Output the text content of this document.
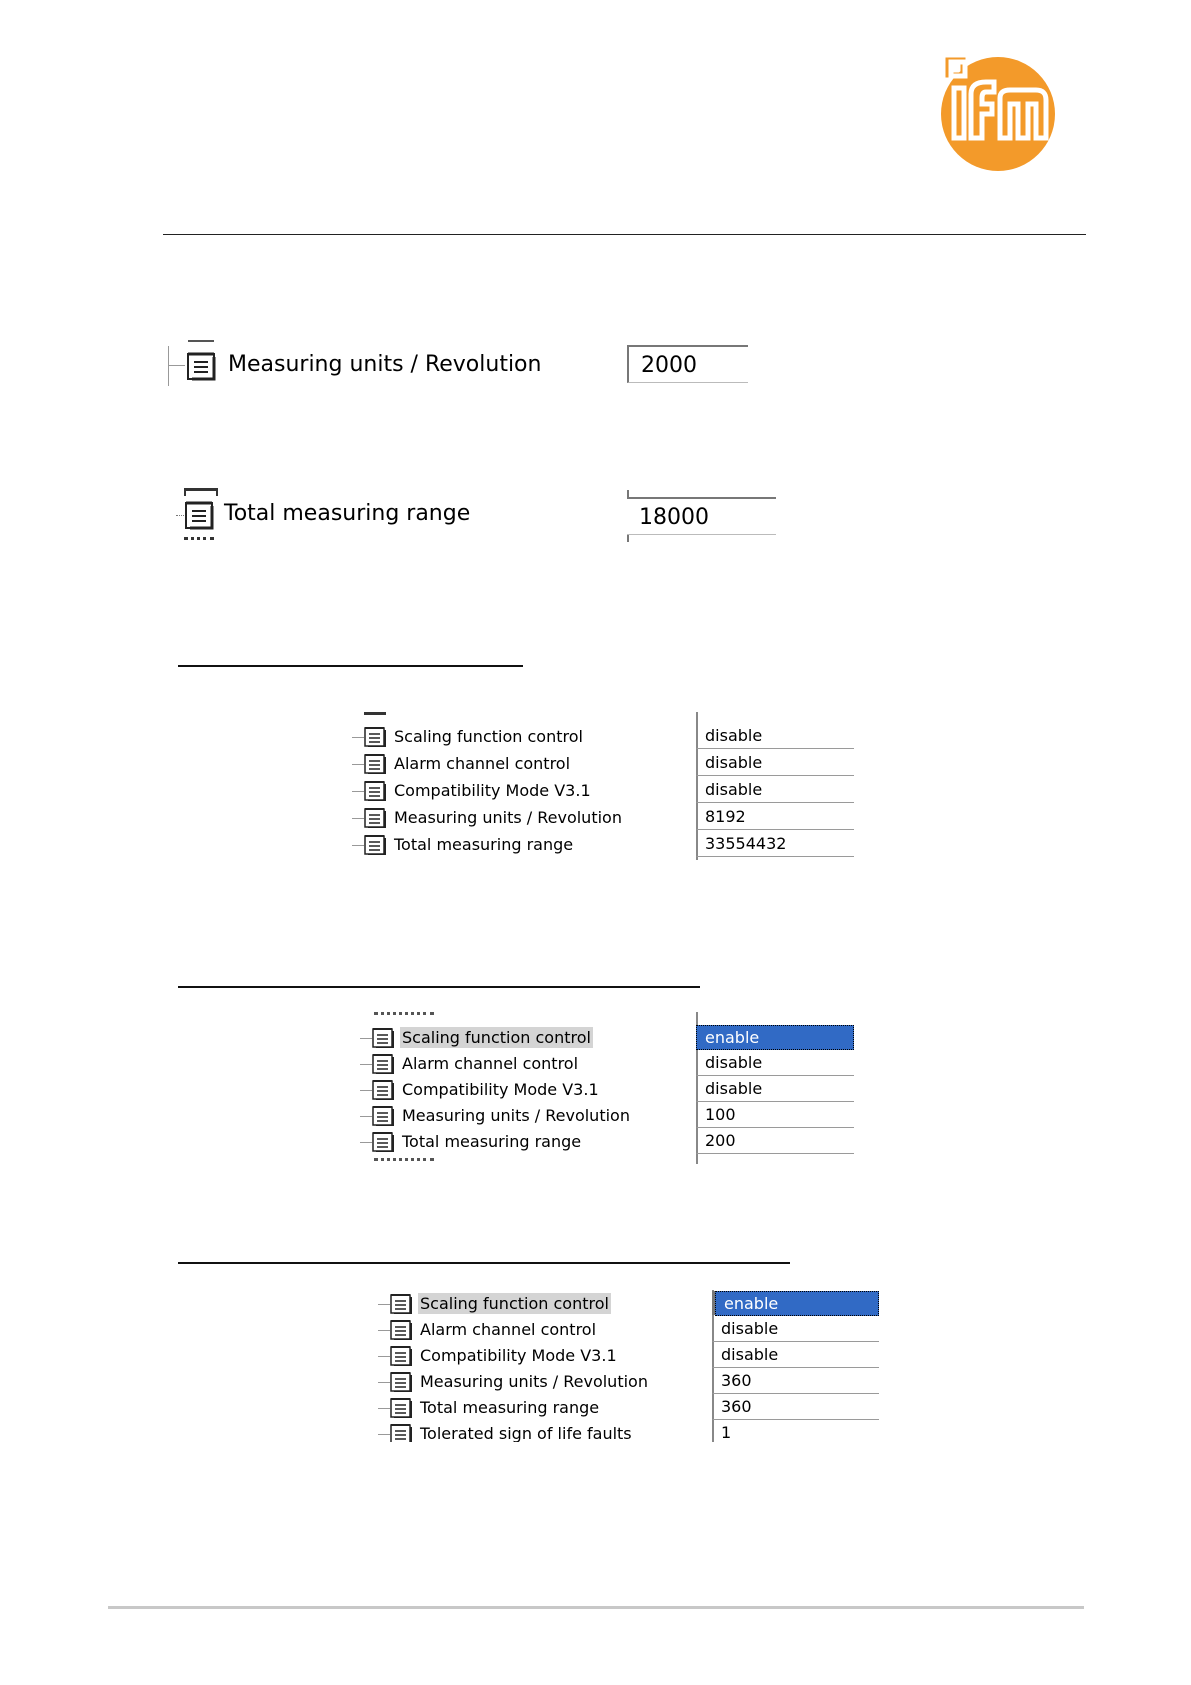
Measuring units / Revolution	2000
Total measuring range	18000
Scaling function control	disable
Alarm channel control	disable
Compatibility Mode V3.1	disable
Measuring units / Revolution	8192
Total measuring range	33554432
Scaling function control	enable
Alarm channel control	disable
Compatibility Mode V3.1	disable
Measuring units / Revolution	100
Total measuring range	200
Scaling function control	enable
Alarm channel control	disable
Compatibility Mode V3.1	disable
Measuring units / Revolution	360
Total measuring range	360
Tolerated sign of life faults	1
